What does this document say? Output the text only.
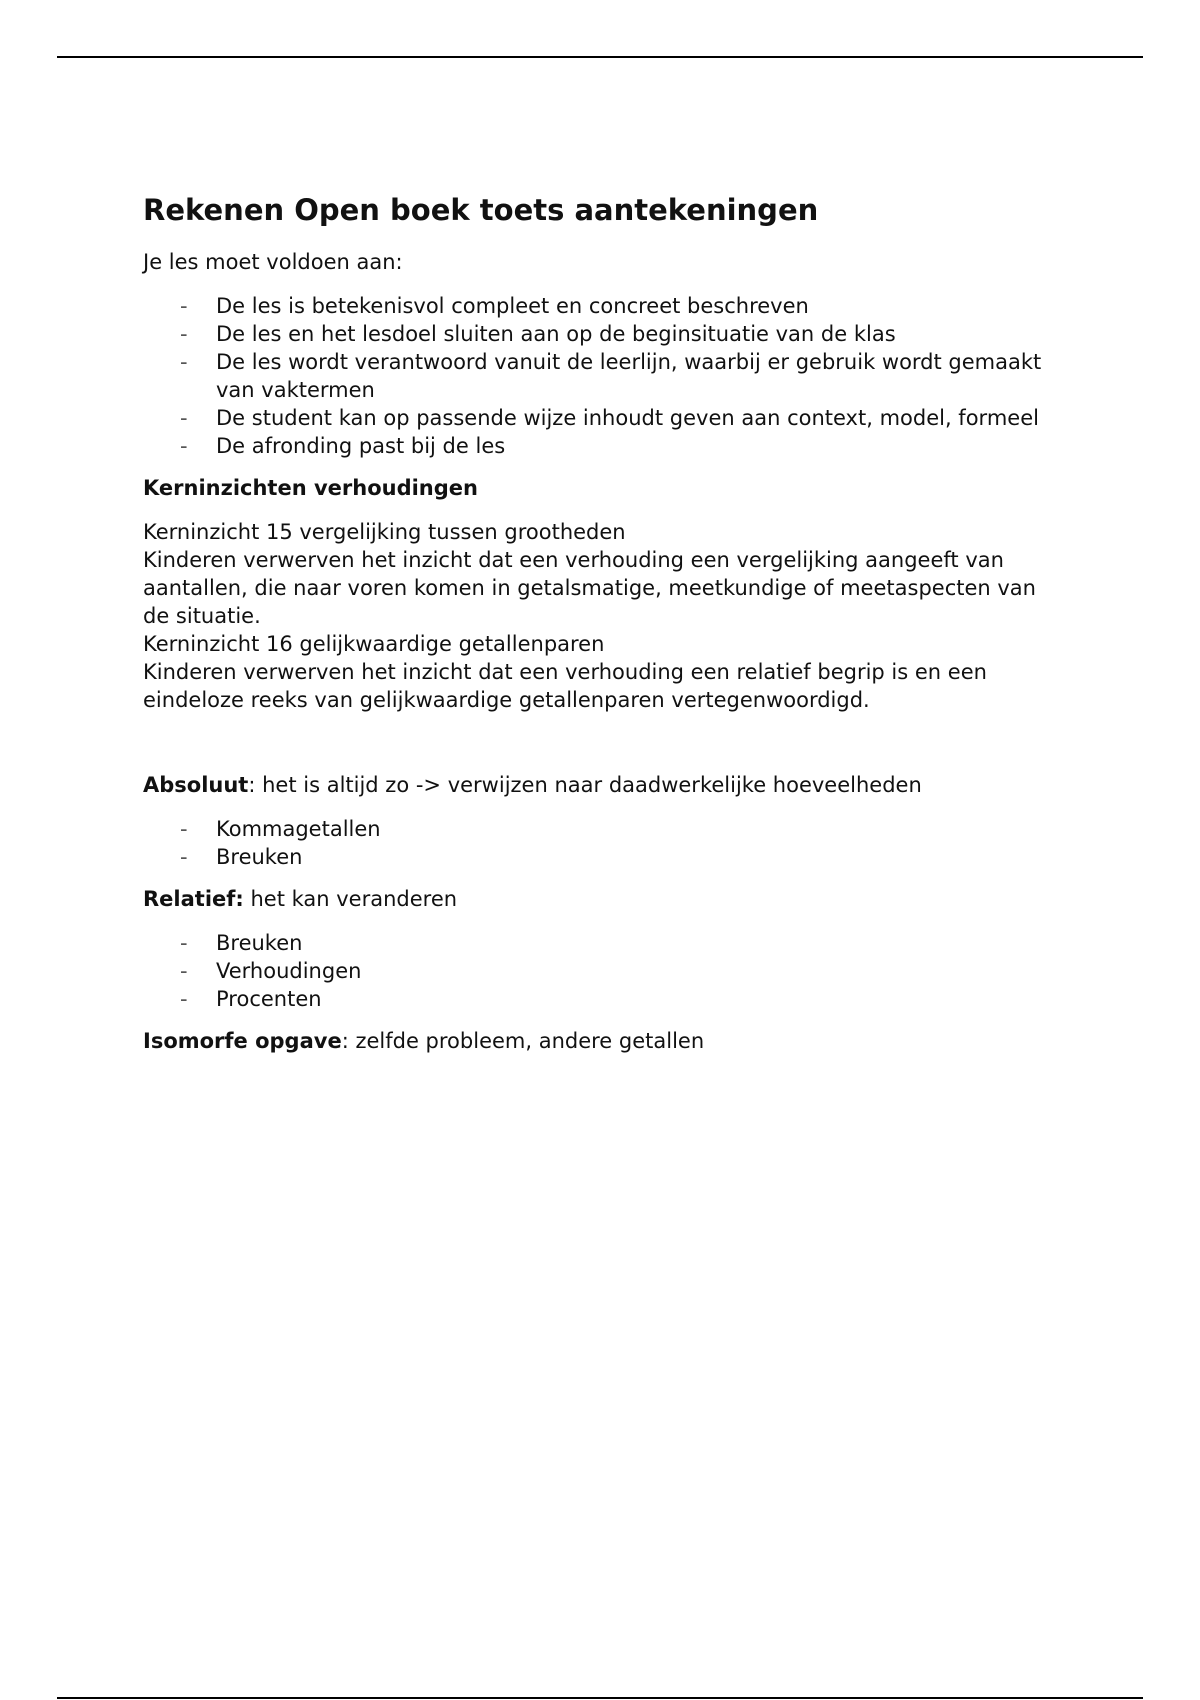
Rekenen Open boek toets aantekeningen

Je les moet voldoen aan:

- De les is betekenisvol compleet en concreet beschreven
- De les en het lesdoel sluiten aan op de beginsituatie van de klas
- De les wordt verantwoord vanuit de leerlijn, waarbij er gebruik wordt gemaakt van vaktermen
- De student kan op passende wijze inhoudt geven aan context, model, formeel
- De afronding past bij de les

Kerninzichten verhoudingen

Kerninzicht 15 vergelijking tussen grootheden

Kinderen verwerven het inzicht dat een verhouding een vergelijking aangeeft van aantallen, die naar voren komen in getalsmatige, meetkundige of meetaspecten van

de situatie.

Kerninzicht 16 gelijkwaardige getallenparen

Kinderen verwerven het inzicht dat een verhouding een relatief begrip is en een eindeloze reeks van gelijkwaardige getallenparen vertegenwoordigd.

Absoluut: het is altijd zo -> verwijzen naar daadwerkelijke hoeveelheden

- Kommagetallen
- Breuken

Relatief: het kan veranderen

- Breuken
- Verhoudingen
- Procenten

Isomorfe opgave: zelfde probleem, andere getallen
